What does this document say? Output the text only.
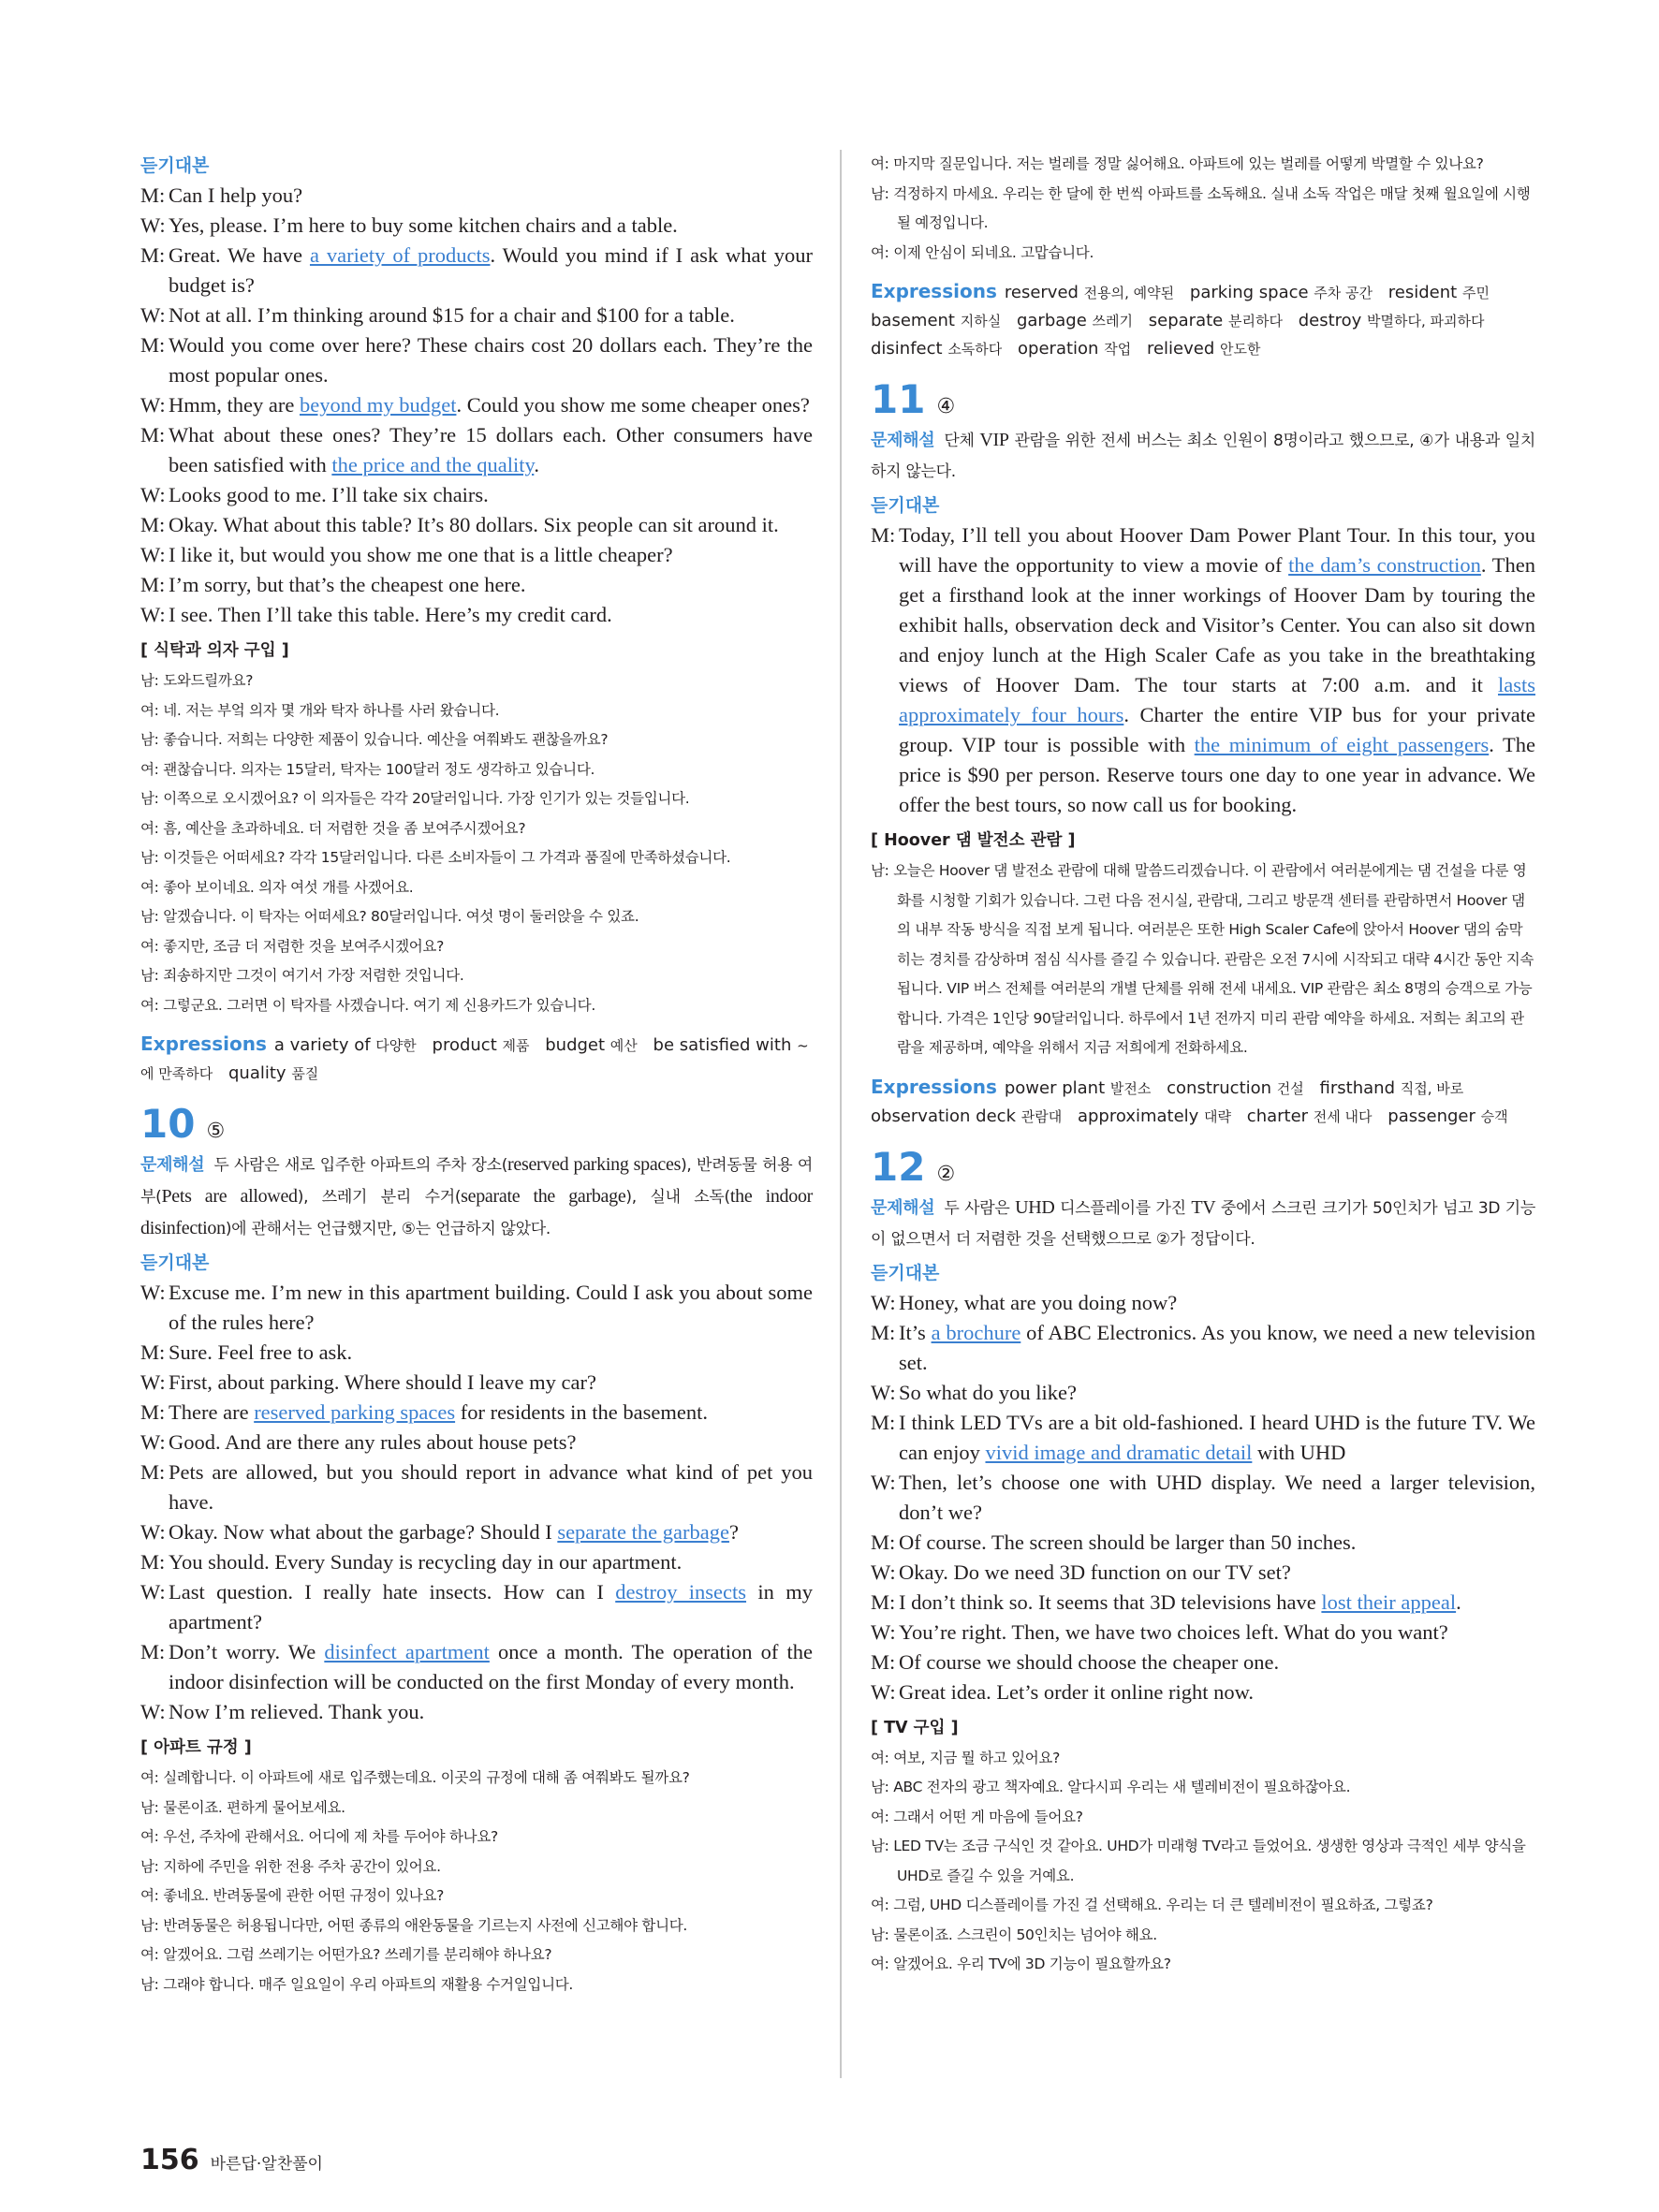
듣기대본

M: Can I help you?

W: Yes, please. I’m here to buy some kitchen chairs and a table.

M: Great. We have a variety of products. Would you mind if I ask what your budget is?

W: Not at all. I’m thinking around $15 for a chair and $100 for a table.

M: Would you come over here? These chairs cost 20 dollars each. They’re the most popular ones.

W: Hmm, they are beyond my budget. Could you show me some cheaper ones?

M: What about these ones? They’re 15 dollars each. Other consumers have been satisfied with the price and the quality.

W: Looks good to me. I’ll take six chairs.

M: Okay. What about this table? It’s 80 dollars. Six people can sit around it.

W: I like it, but would you show me one that is a little cheaper?

M: I’m sorry, but that’s the cheapest one here.

W: I see. Then I’ll take this table. Here’s my credit card.

[ 식탁과 의자 구입 ]

남: 도와드릴까요?

여: 네. 저는 부엌 의자 몇 개와 탁자 하나를 사러 왔습니다.

남: 좋습니다. 저희는 다양한 제품이 있습니다. 예산을 여쭤봐도 괜찮을까요?

여: 괜찮습니다. 의자는 15달러, 탁자는 100달러 정도 생각하고 있습니다.

남: 이쪽으로 오시겠어요? 이 의자들은 각각 20달러입니다. 가장 인기가 있는 것들입니다.

여: 흠, 예산을 초과하네요. 더 저렴한 것을 좀 보여주시겠어요?

남: 이것들은 어떠세요? 각각 15달러입니다. 다른 소비자들이 그 가격과 품질에 만족하셨습니다.

여: 좋아 보이네요. 의자 여섯 개를 사겠어요.

남: 알겠습니다. 이 탁자는 어떠세요? 80달러입니다. 여섯 명이 둘러앉을 수 있죠.

여: 좋지만, 조금 더 저렴한 것을 보여주시겠어요?

남: 죄송하지만 그것이 여기서 가장 저렴한 것입니다.

여: 그렇군요. 그러면 이 탁자를 사겠습니다. 여기 제 신용카드가 있습니다.

Expressions a variety of 다양한 product 제품 budget 예산 be satisfied with ~에 만족하다 quality 품질
10 ⑤

문제해설 두 사람은 새로 입주한 아파트의 주차 장소(reserved parking spaces), 반려동물 허용 여부(Pets are allowed), 쓰레기 분리 수거(separate the garbage), 실내 소독(the indoor disinfection)에 관해서는 언급했지만, ⑤는 언급하지 않았다.

듣기대본

W: Excuse me. I’m new in this apartment building. Could I ask you about some of the rules here?

M: Sure. Feel free to ask.

W: First, about parking. Where should I leave my car?

M: There are reserved parking spaces for residents in the basement.

W: Good. And are there any rules about house pets?

M: Pets are allowed, but you should report in advance what kind of pet you have.

W: Okay. Now what about the garbage? Should I separate the garbage?

M: You should. Every Sunday is recycling day in our apartment.

W: Last question. I really hate insects. How can I destroy insects in my apartment?

M: Don’t worry. We disinfect apartment once a month. The operation of the indoor disinfection will be conducted on the first Monday of every month.

W: Now I’m relieved. Thank you.

[ 아파트 규정 ]

여: 실례합니다. 이 아파트에 새로 입주했는데요. 이곳의 규정에 대해 좀 여쭤봐도 될까요?

남: 물론이죠. 편하게 물어보세요.

여: 우선, 주차에 관해서요. 어디에 제 차를 두어야 하나요?

남: 지하에 주민을 위한 전용 주차 공간이 있어요.

여: 좋네요. 반려동물에 관한 어떤 규정이 있나요?

남: 반려동물은 허용됩니다만, 어떤 종류의 애완동물을 기르는지 사전에 신고해야 합니다.

여: 알겠어요. 그럼 쓰레기는 어떤가요? 쓰레기를 분리해야 하나요?

남: 그래야 합니다. 매주 일요일이 우리 아파트의 재활용 수거일입니다.

여: 마지막 질문입니다. 저는 벌레를 정말 싫어해요. 아파트에 있는 벌레를 어떻게 박멸할 수 있나요?

남: 걱정하지 마세요. 우리는 한 달에 한 번씩 아파트를 소독해요. 실내 소독 작업은 매달 첫째 월요일에 시행될 예정입니다.

여: 이제 안심이 되네요. 고맙습니다.

Expressions reserved 전용의, 예약된 parking space 주차 공간 resident 주민 basement 지하실 garbage 쓰레기 separate 분리하다 destroy 박멸하다, 파괴하다 disinfect 소독하다 operation 작업 relieved 안도한
11 ④

문제해설 단체 VIP 관람을 위한 전세 버스는 최소 인원이 8명이라고 했으므로, ④가 내용과 일치하지 않는다.

듣기대본

M: Today, I’ll tell you about Hoover Dam Power Plant Tour. In this tour, you will have the opportunity to view a movie of the dam’s construction. Then get a firsthand look at the inner workings of Hoover Dam by touring the exhibit halls, observation deck and Visitor’s Center. You can also sit down and enjoy lunch at the High Scaler Cafe as you take in the breathtaking views of Hoover Dam. The tour starts at 7:00 a.m. and it lasts approximately four hours. Charter the entire VIP bus for your private group. VIP tour is possible with the minimum of eight passengers. The price is $90 per person. Reserve tours one day to one year in advance. We offer the best tours, so now call us for booking.

[ Hoover 댐 발전소 관람 ]

남: 오늘은 Hoover 댐 발전소 관람에 대해 말씀드리겠습니다. 이 관람에서 여러분에게는 댐 건설을 다룬 영화를 시청할 기회가 있습니다. 그런 다음 전시실, 관람대, 그리고 방문객 센터를 관람하면서 Hoover 댐의 내부 작동 방식을 직접 보게 됩니다. 여러분은 또한 High Scaler Cafe에 앉아서 Hoover 댐의 숨막히는 경치를 감상하며 점심 식사를 즐길 수 있습니다. 관람은 오전 7시에 시작되고 대략 4시간 동안 지속됩니다. VIP 버스 전체를 여러분의 개별 단체를 위해 전세 내세요. VIP 관람은 최소 8명의 승객으로 가능합니다. 가격은 1인당 90달러입니다. 하루에서 1년 전까지 미리 관람 예약을 하세요. 저희는 최고의 관람을 제공하며, 예약을 위해서 지금 저희에게 전화하세요.

Expressions power plant 발전소 construction 건설 firsthand 직접, 바로 observation deck 관람대 approximately 대략 charter 전세 내다 passenger 승객
12 ②

문제해설 두 사람은 UHD 디스플레이를 가진 TV 중에서 스크린 크기가 50인치가 넘고 3D 기능이 없으면서 더 저렴한 것을 선택했으므로 ②가 정답이다.

듣기대본

W: Honey, what are you doing now?

M: It’s a brochure of ABC Electronics. As you know, we need a new television set.

W: So what do you like?

M: I think LED TVs are a bit old-fashioned. I heard UHD is the future TV. We can enjoy vivid image and dramatic detail with UHD

W: Then, let’s choose one with UHD display. We need a larger television, don’t we?

M: Of course. The screen should be larger than 50 inches.

W: Okay. Do we need 3D function on our TV set?

M: I don’t think so. It seems that 3D televisions have lost their appeal.

W: You’re right. Then, we have two choices left. What do you want?

M: Of course we should choose the cheaper one.

W: Great idea. Let’s order it online right now.

[ TV 구입 ]

여: 여보, 지금 뭘 하고 있어요?

남: ABC 전자의 광고 책자예요. 알다시피 우리는 새 텔레비전이 필요하잖아요.

여: 그래서 어떤 게 마음에 들어요?

남: LED TV는 조금 구식인 것 같아요. UHD가 미래형 TV라고 들었어요. 생생한 영상과 극적인 세부 양식을 UHD로 즐길 수 있을 거예요.

여: 그럼, UHD 디스플레이를 가진 걸 선택해요. 우리는 더 큰 텔레비전이 필요하죠, 그렇죠?

남: 물론이죠. 스크린이 50인치는 넘어야 해요.

여: 알겠어요. 우리 TV에 3D 기능이 필요할까요?

156 바른답·알찬풀이
